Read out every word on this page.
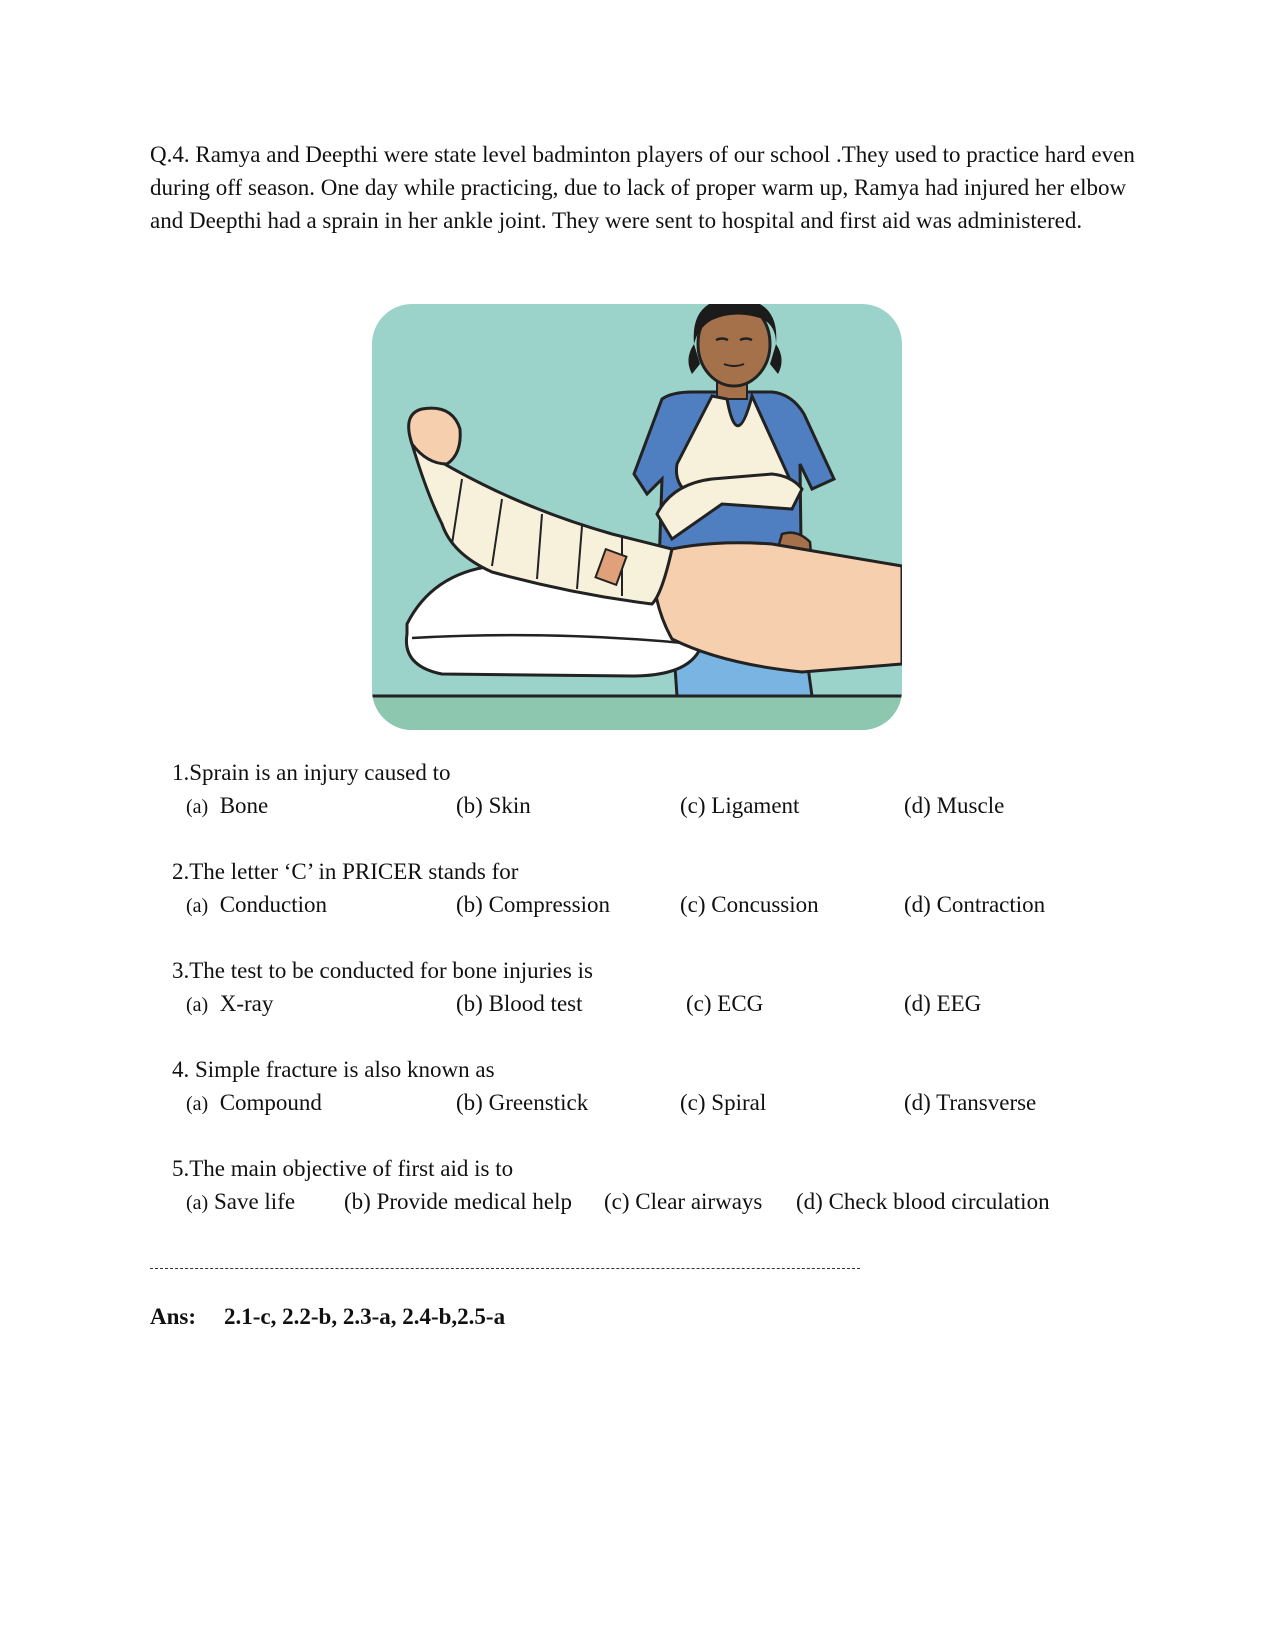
Q.4. Ramya and Deepthi were state level badminton players of our school .They used to practice hard even during off season. One day while practicing, due to lack of proper warm up, Ramya had injured her elbow and Deepthi had a sprain in her ankle joint. They were sent to hospital and first aid was administered.

1.Sprain is an injury caused to
(a) Bone	(b) Skin	(c) Ligament	(d) Muscle
2.The letter ‘C’ in PRICER stands for
(a) Conduction	(b) Compression	(c) Concussion	(d) Contraction
3.The test to be conducted for bone injuries is
(a) X-ray	(b) Blood test	(c) ECG	(d) EEG
4. Simple fracture is also known as
(a) Compound	(b) Greenstick	(c) Spiral	(d) Transverse
5.The main objective of first aid is to
(a) Save life (b) Provide medical help (c) Clear airways (d) Check blood circulation
Ans: 2.1-c, 2.2-b, 2.3-a, 2.4-b,2.5-a
